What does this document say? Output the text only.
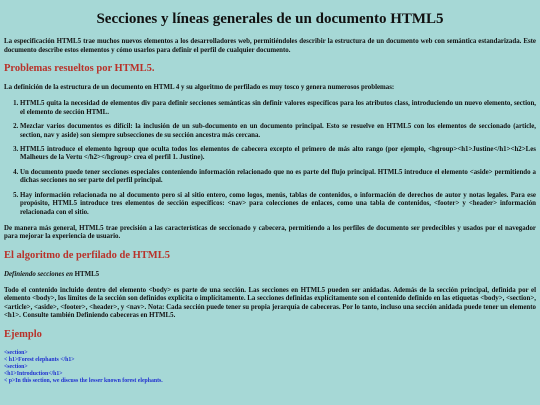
Secciones y líneas generales de un documento HTML5

La especificación HTML5 trae muchos nuevos elementos a los desarrolladores web, permitiéndoles describir la estructura de un documento web con semántica estandarizada. Este documento describe estos elementos y cómo usarlos para definir el perfil de cualquier documento.

Problemas resueltos por HTML5.

La definición de la estructura de un documento en HTML 4 y su algoritmo de perfilado es muy tosco y genera numerosos problemas:

1. HTML5 quita la necesidad de elementos div para definir secciones semánticas sin definir valores específicos para los atributos class, introduciendo un nuevo elemento, section, el elemento de sección HTML.
2. Mezclar varios documentos es difícil: la inclusión de un sub-documento en un documento principal. Esto se resuelve en HTML5 con los elementos de seccionado (article, section, nav y aside) son siempre subsecciones de su sección ancestra más cercana.
3. HTML5 introduce el elemento hgroup que oculta todos los elementos de cabecera excepto el primero de más alto rango (por ejemplo, <hgroup><h1>Justine</h1><h2>Les Malheurs de la Vertu </h2></hgroup> crea el perfil 1. Justine).
4. Un documento puede tener secciones especiales conteniendo información relacionado que no es parte del flujo principal. HTML5 introduce el elemento <aside> permitiendo a dichas secciones no ser parte del perfil principal.
5. Hay información relacionada no al documento pero si al sitio entero, como logos, menús, tablas de contenidos, o información de derechos de autor y notas legales. Para ese propósito, HTML5 introduce tres elementos de sección específicos: <nav> para colecciones de enlaces, como una tabla de contenidos, <footer> y <header> información relacionada con el sitio.

De manera más general, HTML5 trae precisión a las características de seccionado y cabecera, permitiendo a los perfiles de documento ser predecibles y usados por el navegador para mejorar la experiencia de usuario.

El algoritmo de perfilado de HTML5

Definiendo secciones en HTML5

Todo el contenido incluido dentro del elemento <body> es parte de una sección. Las secciones en HTML5 pueden ser anidadas. Además de la sección principal, definida por el elemento <body>, los límites de la sección son definidos explícita o implícitamente. La secciones definidas explícitamente son el contenido definido en las etiquetas <body>, <section>, <article>, <aside>, <footer>, <header>, y <nav>. Nota: Cada sección puede tener su propia jerarquía de cabeceras. Por lo tanto, incluso una sección anidada puede tener un elemento <h1>. Consulte también Definiendo cabeceras en HTML5.

Ejemplo
<section>
< h1>Forest elephants </h1>
<section>
<h1>Introduction</h1>
< p>In this section, we discuss the lesser known forest elephants.
